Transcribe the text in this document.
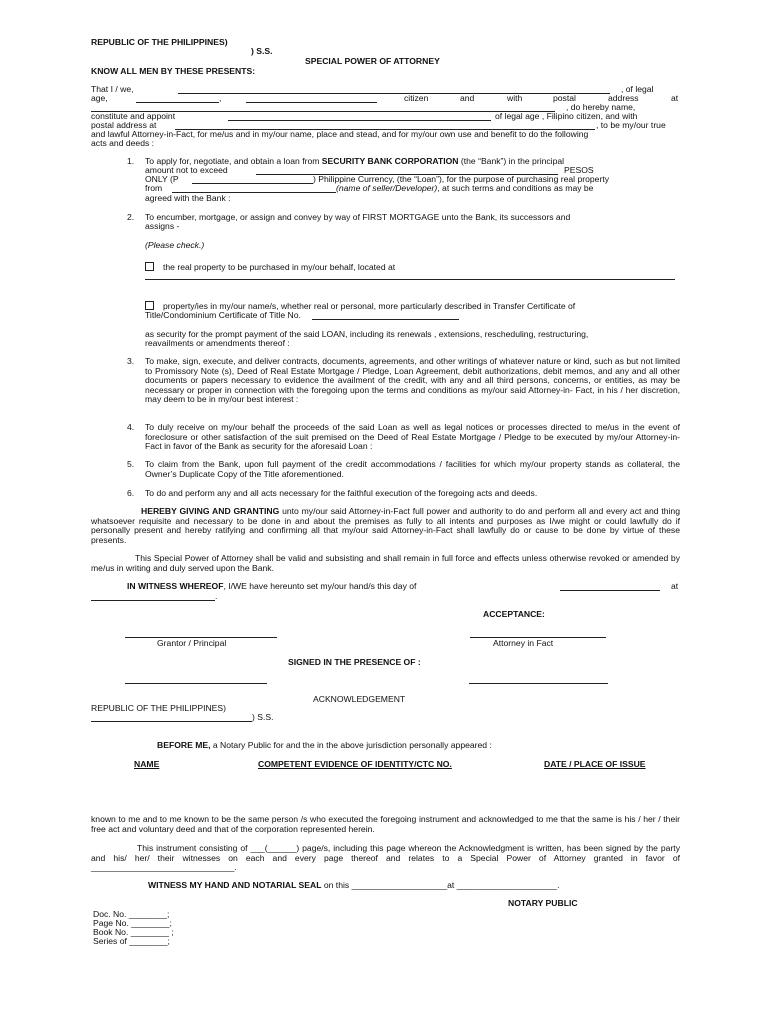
REPUBLIC OF THE PHILIPPINES)
) S.S.
SPECIAL POWER OF ATTORNEY
KNOW ALL MEN BY THESE PRESENTS:
That I / we,	, of legal
age,	,	citizen	and	with	postal	address	at
, do hereby name,
constitute and appoint	of legal age , Filipino citizen, and with
postal address at	, to be my/our true
and lawful Attorney-in-Fact, for me/us and in my/our name, place and stead, and for my/our own use and benefit to do the following
acts and deeds :
1. To apply for, negotiate, and obtain a loan from SECURITY BANK CORPORATION (the “Bank”) in the principal
amount not to exceed	PESOS
ONLY (P	) Philippine Currency, (the “Loan”), for the purpose of purchasing real property
from	(name of seller/Developer), at such terms and conditions as may be
agreed with the Bank :
2. To encumber, mortgage, or assign and convey by way of FIRST MORTGAGE unto the Bank, its successors and
assigns -
(Please check.)
the real property to be purchased in my/our behalf, located at
property/ies in my/our name/s, whether real or personal, more particularly described in Transfer Certificate of
Title/Condominium Certificate of Title No.
as security for the prompt payment of the said LOAN, including its renewals , extensions, rescheduling, restructuring,
reavailments or amendments thereof :
3. To make, sign, execute, and deliver contracts, documents, agreements, and other writings of whatever nature or kind, such as but not limited to Promissory Note (s), Deed of Real Estate Mortgage / Pledge, Loan Agreement, debit authorizations, debit memos, and any and all other documents or papers necessary to evidence the availment of the credit, with any and all third persons, concerns, or entities, as may be necessary or proper in connection with the foregoing upon the terms and conditions as my/our said Attorney-in- Fact, in his / her discretion, may deem to be in my/our best interest :
4. To duly receive on my/our behalf the proceeds of the said Loan as well as legal notices or processes directed to me/us in the event of foreclosure or other satisfaction of the suit premised on the Deed of Real Estate Mortgage / Pledge to be executed by my/our Attorney-in-Fact in favor of the Bank as security for the aforesaid Loan :
5. To claim from the Bank, upon full payment of the credit accommodations / facilities for which my/our property stands as collateral, the Owner’s Duplicate Copy of the Title aforementioned.
6. To do and perform any and all acts necessary for the faithful execution of the foregoing acts and deeds.
HEREBY GIVING AND GRANTING unto my/our said Attorney-in-Fact full power and authority to do and perform all and every act and thing whatsoever requisite and necessary to be done in and about the premises as fully to all intents and purposes as I/we might or could lawfully do if personally present and hereby ratifying and confirming all that my/our said Attorney-in-Fact shall lawfully do or cause to be done by virtue of these presents.
This Special Power of Attorney shall be valid and subsisting and shall remain in full force and effects unless otherwise revoked or amended by me/us in writing and duly served upon the Bank.
IN WITNESS WHEREOF, I/WE have hereunto set my/our hand/s this day of	at
.
ACCEPTANCE:
Grantor / Principal	Attorney in Fact
SIGNED IN THE PRESENCE OF :
ACKNOWLEDGEMENT
REPUBLIC OF THE PHILIPPINES)
) S.S.
BEFORE ME, a Notary Public for and the in the above jurisdiction personally appeared :
NAME	COMPETENT EVIDENCE OF IDENTITY/CTC NO.	DATE / PLACE OF ISSUE
known to me and to me known to be the same person /s who executed the foregoing instrument and acknowledged to me that the same is his / her / their free act and voluntary deed and that of the corporation represented herein.
This instrument consisting of ___(______) page/s, including this page whereon the Acknowledgment is written, has been signed by the party and his/ her/ their witnesses on each and every page thereof and relates to a Special Power of Attorney granted in favor of ______________________________.
WITNESS MY HAND AND NOTARIAL SEAL on this ____________________at _____________________.
NOTARY PUBLIC
Doc. No. ________;
Page No. ________;
Book No. ________ ;
Series of ________;
